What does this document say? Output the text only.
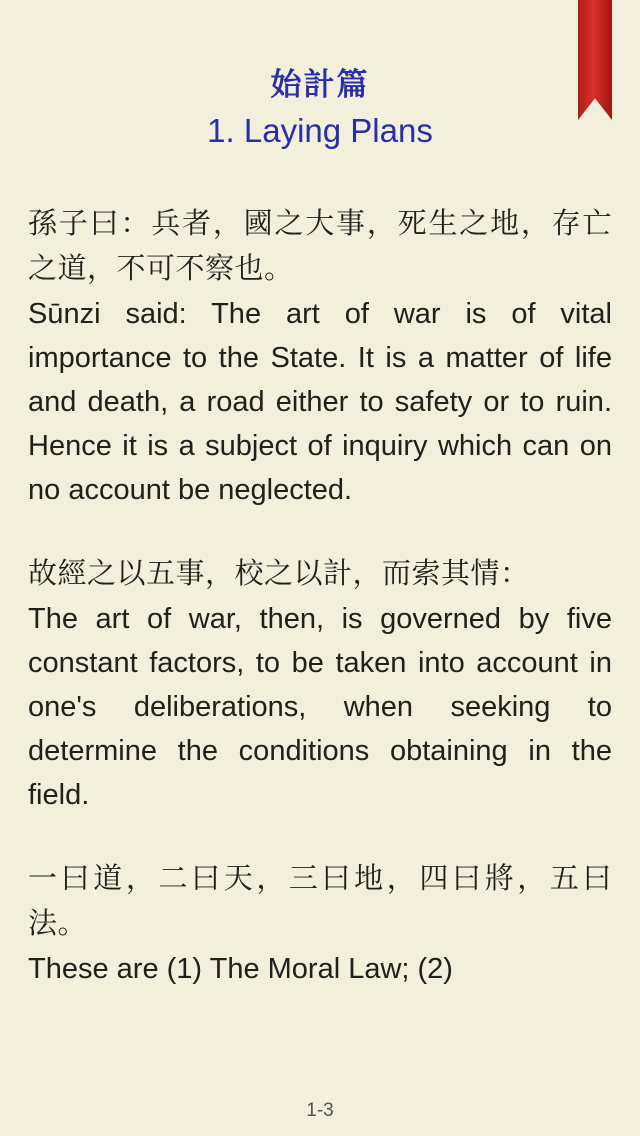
始計篇
1. Laying Plans

孫子曰：兵者，國之大事，死生之地，存亡之道，不可不察也。

Sūnzi said: The art of war is of vital importance to the State. It is a matter of life and death, a road either to safety or to ruin. Hence it is a subject of inquiry which can on no account be neglected.

故經之以五事，校之以計，而索其情：

The art of war, then, is governed by five constant factors, to be taken into account in one's deliberations, when seeking to determine the conditions obtaining in the field.

一曰道，二曰天，三曰地，四曰將，五曰法。

These are (1) The Moral Law; (2)

1-3
